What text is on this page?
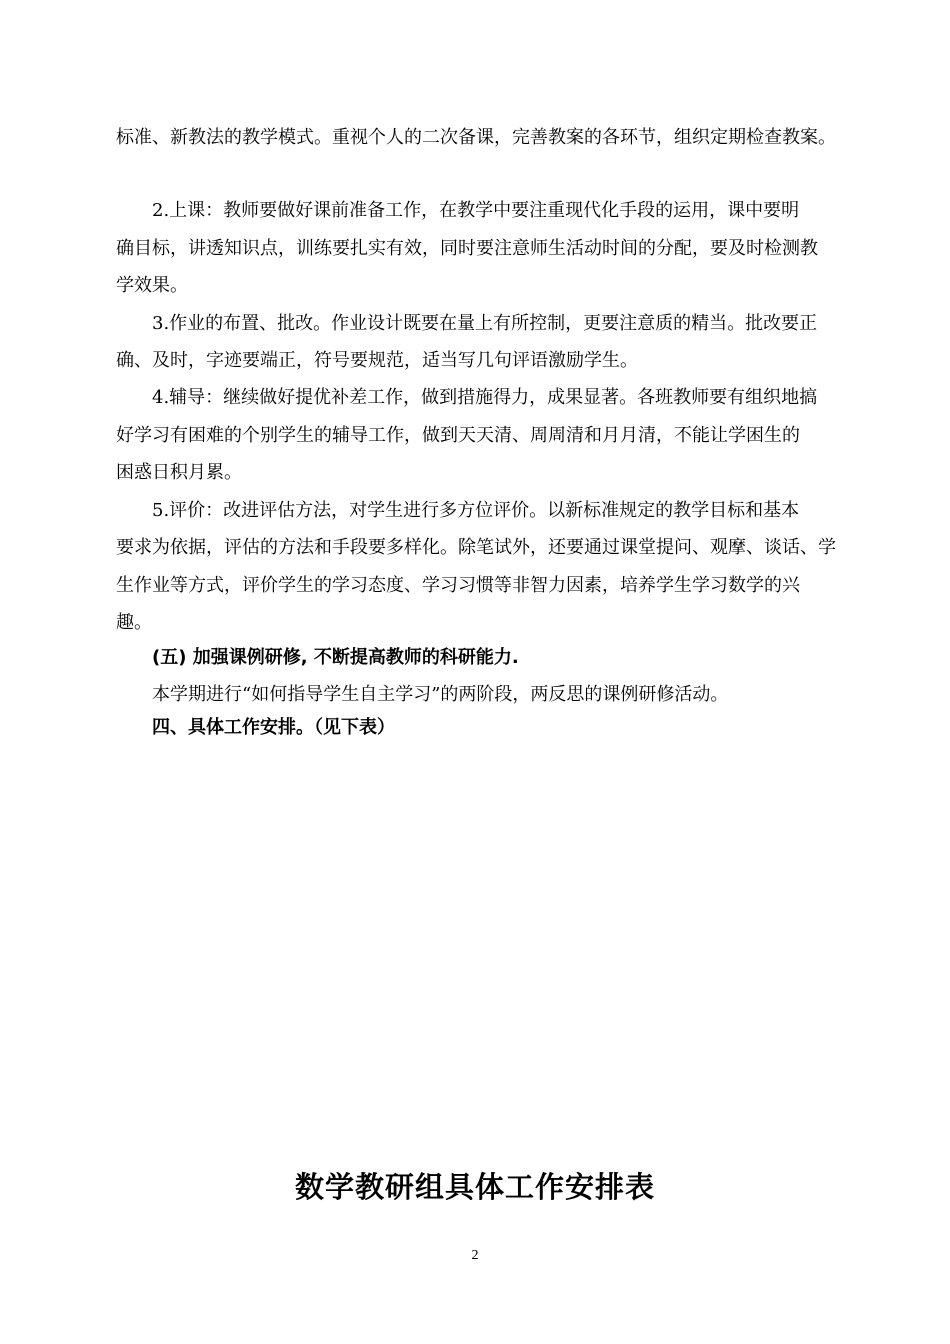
标准、新教法的教学模式。重视个人的二次备课，完善教案的各环节，组织定期检查教案。
2.上课：教师要做好课前准备工作，在教学中要注重现代化手段的运用，课中要明
确目标，讲透知识点，训练要扎实有效，同时要注意师生活动时间的分配，要及时检测教
学效果。
3.作业的布置、批改。作业设计既要在量上有所控制，更要注意质的精当。批改要正
确、及时，字迹要端正，符号要规范，适当写几句评语激励学生。
4.辅导：继续做好提优补差工作，做到措施得力，成果显著。各班教师要有组织地搞
好学习有困难的个别学生的辅导工作，做到天天清、周周清和月月清，不能让学困生的
困惑日积月累。
5.评价：改进评估方法，对学生进行多方位评价。以新标准规定的教学目标和基本
要求为依据，评估的方法和手段要多样化。除笔试外，还要通过课堂提问、观摩、谈话、学
生作业等方式，评价学生的学习态度、学习习惯等非智力因素，培养学生学习数学的兴
趣。
(五) 加强课例研修, 不断提高教师的科研能力.
本学期进行“如何指导学生自主学习”的两阶段，两反思的课例研修活动。
四、具体工作安排。（见下表）
数学教研组具体工作安排表
2
